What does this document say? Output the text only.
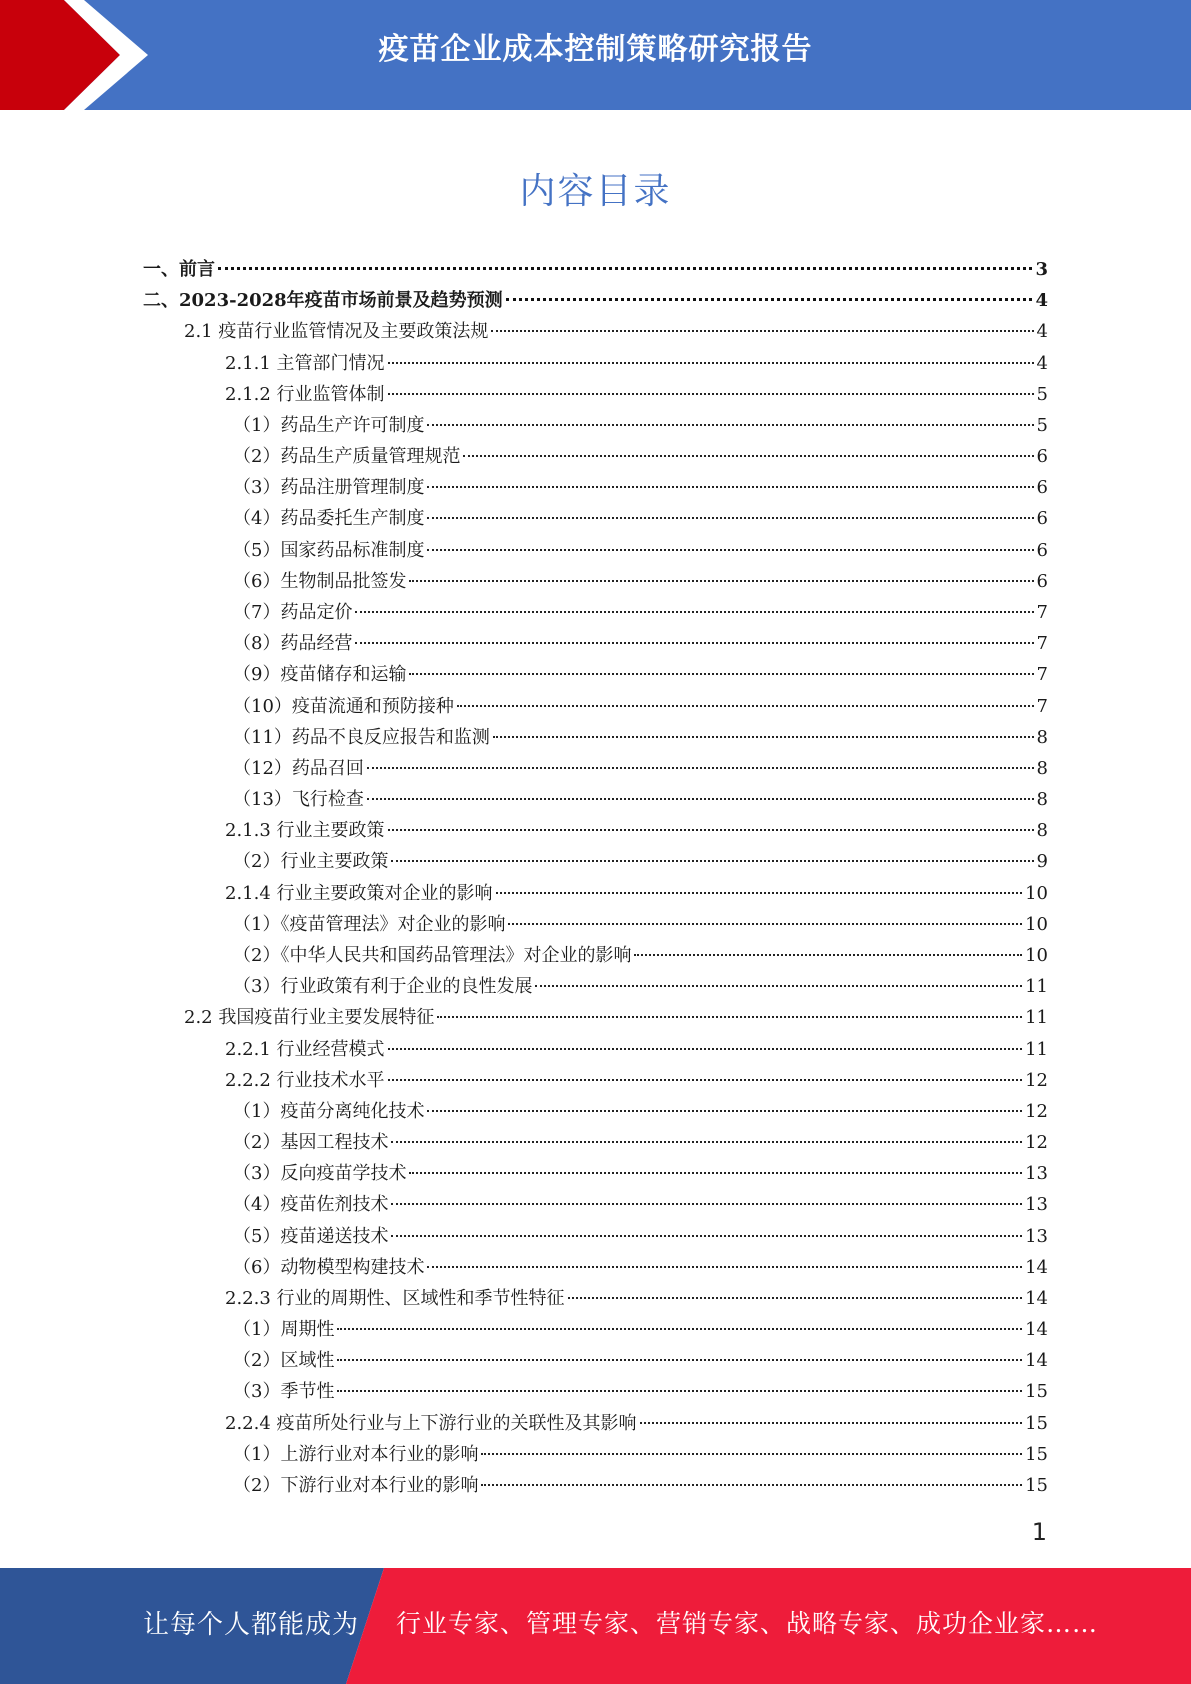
疫苗企业成本控制策略研究报告
内容目录
一、前言	3
二、2023-2028年疫苗市场前景及趋势预测	4
2.1 疫苗行业监管情况及主要政策法规	4
2.1.1 主管部门情况	4
2.1.2 行业监管体制	5
（1）药品生产许可制度	5
（2）药品生产质量管理规范	6
（3）药品注册管理制度	6
（4）药品委托生产制度	6
（5）国家药品标准制度	6
（6）生物制品批签发	6
（7）药品定价	7
（8）药品经营	7
（9）疫苗储存和运输	7
（10）疫苗流通和预防接种	7
（11）药品不良反应报告和监测	8
（12）药品召回	8
（13）飞行检查	8
2.1.3 行业主要政策	8
（2）行业主要政策	9
2.1.4 行业主要政策对企业的影响	10
（1）《疫苗管理法》对企业的影响	10
（2）《中华人民共和国药品管理法》对企业的影响	10
（3）行业政策有利于企业的良性发展	11
2.2 我国疫苗行业主要发展特征	11
2.2.1 行业经营模式	11
2.2.2 行业技术水平	12
（1）疫苗分离纯化技术	12
（2）基因工程技术	12
（3）反向疫苗学技术	13
（4）疫苗佐剂技术	13
（5）疫苗递送技术	13
（6）动物模型构建技术	14
2.2.3 行业的周期性、区域性和季节性特征	14
（1）周期性	14
（2）区域性	14
（3）季节性	15
2.2.4 疫苗所处行业与上下游行业的关联性及其影响	15
（1）上游行业对本行业的影响	15
（2）下游行业对本行业的影响	15
1
让每个人都能成为 行业专家、管理专家、营销专家、战略专家、成功企业家……
